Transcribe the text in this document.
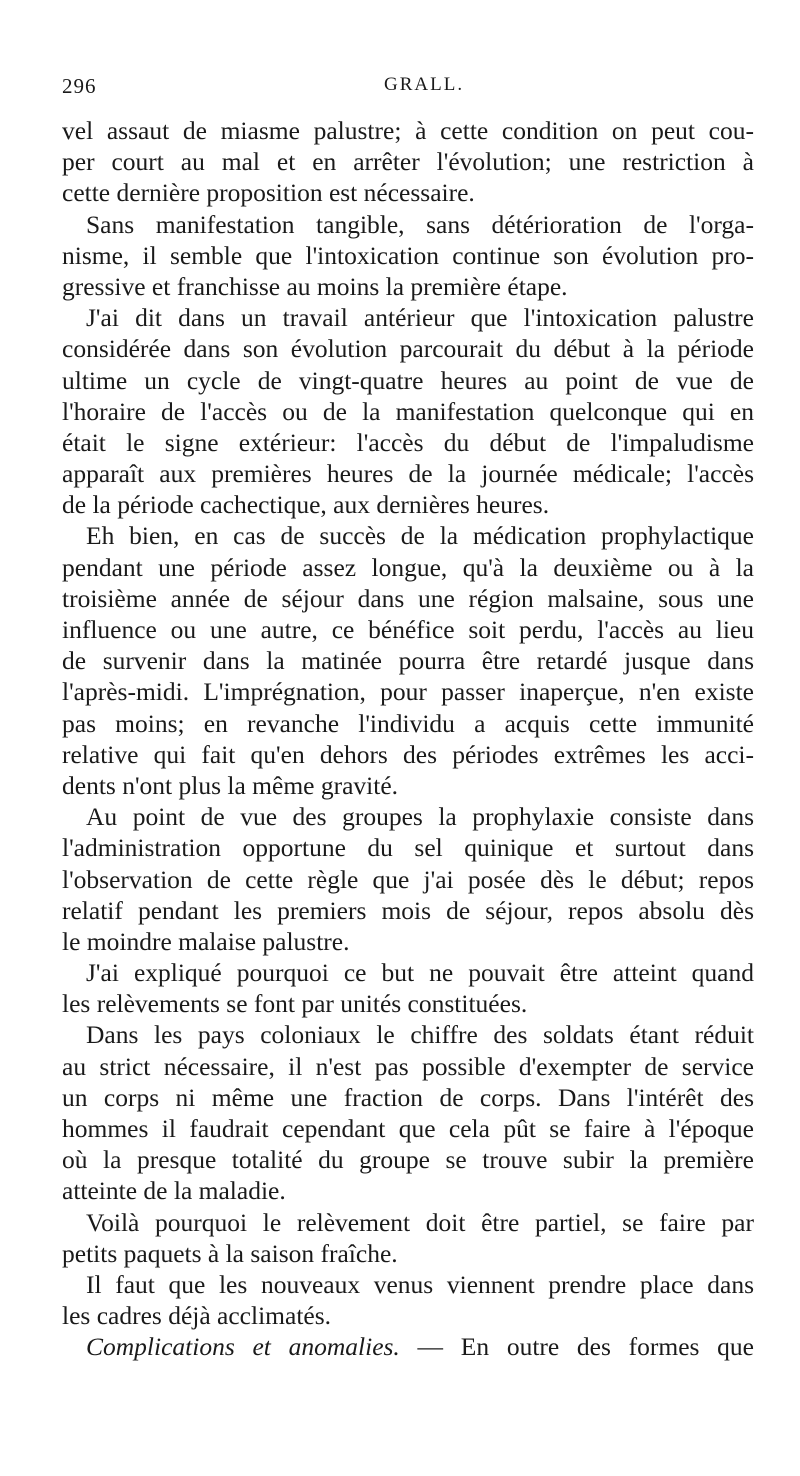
296	GRALL.
vel assaut de miasme palustre; à cette condition on peut cou-
per court au mal et en arrêter l'évolution; une restriction à
cette dernière proposition est nécessaire.
Sans manifestation tangible, sans détérioration de l'orga-
nisme, il semble que l'intoxication continue son évolution pro-
gressive et franchisse au moins la première étape.
J'ai dit dans un travail antérieur que l'intoxication palustre
considérée dans son évolution parcourait du début à la période
ultime un cycle de vingt-quatre heures au point de vue de
l'horaire de l'accès ou de la manifestation quelconque qui en
était le signe extérieur: l'accès du début de l'impaludisme
apparaît aux premières heures de la journée médicale; l'accès
de la période cachectique, aux dernières heures.
Eh bien, en cas de succès de la médication prophylactique
pendant une période assez longue, qu'à la deuxième ou à la
troisième année de séjour dans une région malsaine, sous une
influence ou une autre, ce bénéfice soit perdu, l'accès au lieu
de survenir dans la matinée pourra être retardé jusque dans
l'après-midi. L'imprégnation, pour passer inaperçue, n'en existe
pas moins; en revanche l'individu a acquis cette immunité
relative qui fait qu'en dehors des périodes extrêmes les acci-
dents n'ont plus la même gravité.
Au point de vue des groupes la prophylaxie consiste dans
l'administration opportune du sel quinique et surtout dans
l'observation de cette règle que j'ai posée dès le début; repos
relatif pendant les premiers mois de séjour, repos absolu dès
le moindre malaise palustre.
J'ai expliqué pourquoi ce but ne pouvait être atteint quand
les relèvements se font par unités constituées.
Dans les pays coloniaux le chiffre des soldats étant réduit
au strict nécessaire, il n'est pas possible d'exempter de service
un corps ni même une fraction de corps. Dans l'intérêt des
hommes il faudrait cependant que cela pût se faire à l'époque
où la presque totalité du groupe se trouve subir la première
atteinte de la maladie.
Voilà pourquoi le relèvement doit être partiel, se faire par
petits paquets à la saison fraîche.
Il faut que les nouveaux venus viennent prendre place dans
les cadres déjà acclimatés.
Complications et anomalies. — En outre des formes que
